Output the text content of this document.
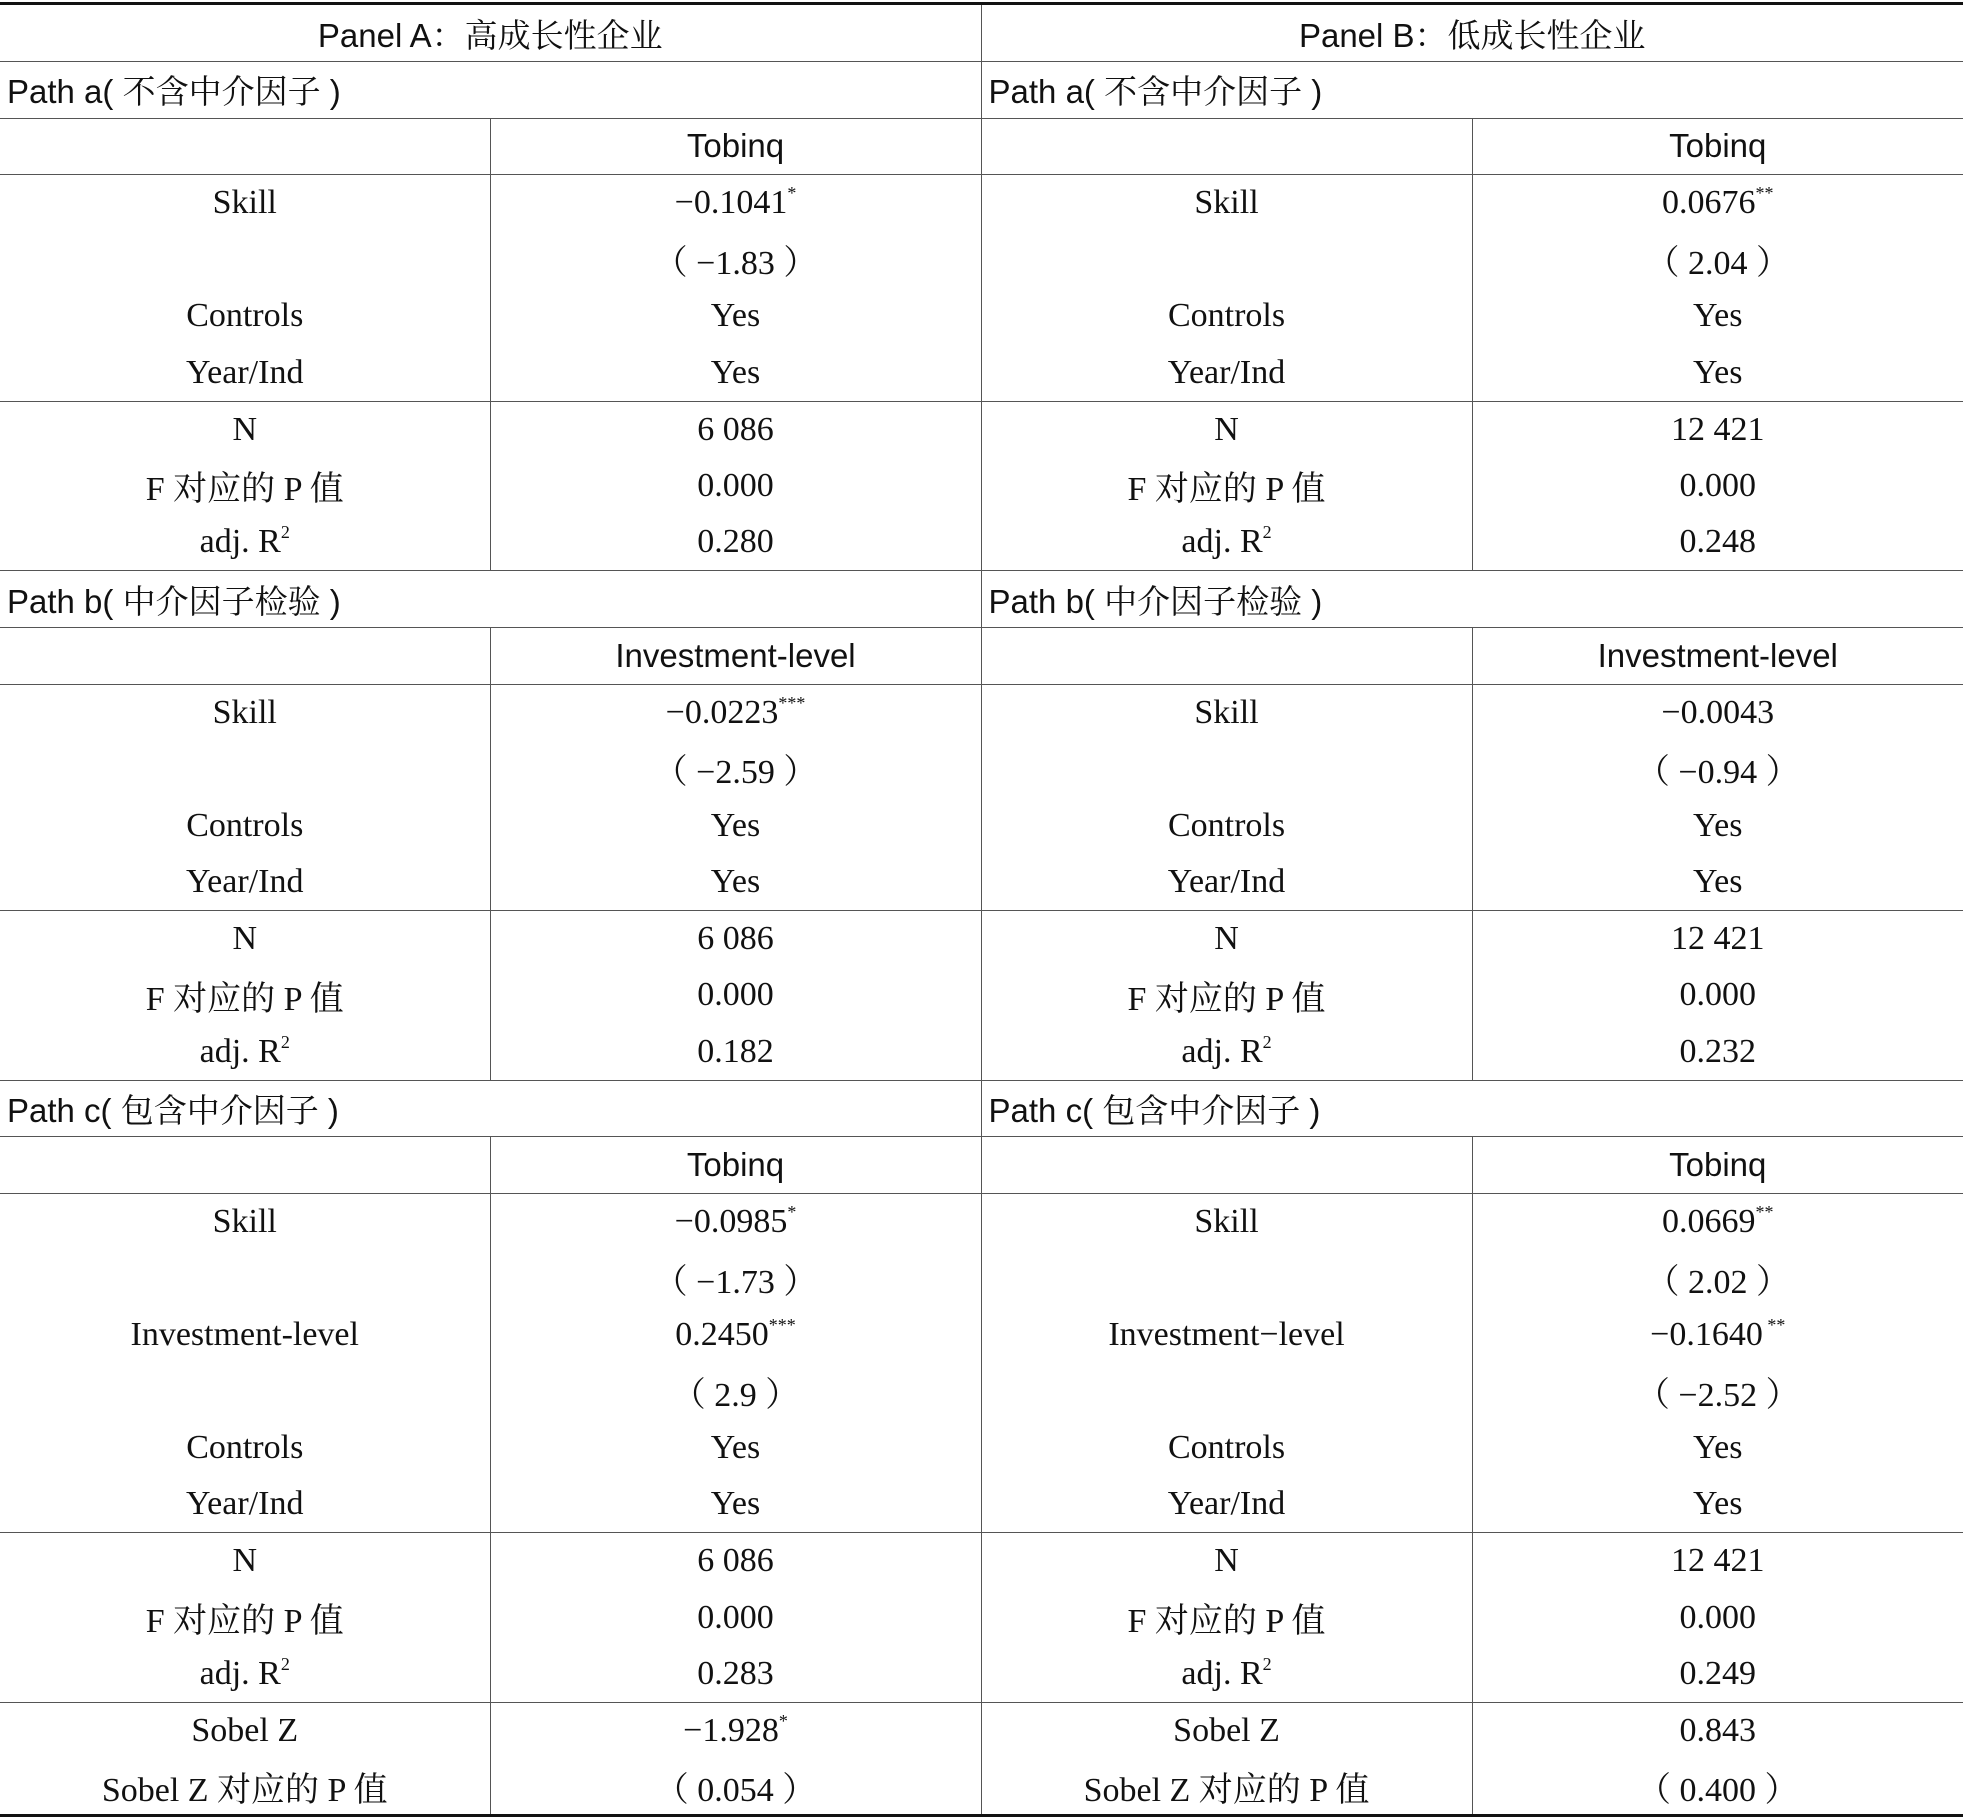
Panel A：高成长性企业		Panel B：低成长性企业	
Path a( 不含中介因子 )		Path a( 不含中介因子 )	
	Tobinq		Tobinq
Skill	−0.1041*	Skill	0.0676**
	（ −1.83 ）		（ 2.04 ）
Controls	Yes	Controls	Yes
Year/Ind	Yes	Year/Ind	Yes
N	6 086	N	12 421
F 对应的 P 值	0.000	F 对应的 P 值	0.000
adj. $R^2$	0.280	adj. $R^2$	0.248
Path b( 中介因子检验 )		Path b( 中介因子检验 )	
	Investment-level		Investment-level
Skill	−0.0223***	Skill	−0.0043
	（ −2.59 ）		（ −0.94 ）
Controls	Yes	Controls	Yes
Year/Ind	Yes	Year/Ind	Yes
N	6 086	N	12 421
F 对应的 P 值	0.000	F 对应的 P 值	0.000
adj. $R^2$	0.182	adj. $R^2$	0.232
Path c( 包含中介因子 )		Path c( 包含中介因子 )	
	Tobinq		Tobinq
Skill	−0.0985*	Skill	0.0669**
	（ −1.73 ）		（ 2.02 ）
Investment-level	0.2450***	Investment−level	−0.1640 **
	（ 2.9 ）		（ −2.52 ）
Controls	Yes	Controls	Yes
Year/Ind	Yes	Year/Ind	Yes
N	6 086	N	12 421
F 对应的 P 值	0.000	F 对应的 P 值	0.000
adj. $R^2$	0.283	adj. $R^2$	0.249
Sobel Z	−1.928*	Sobel Z	0.843
Sobel Z 对应的 P 值	（ 0.054 ）	Sobel Z 对应的 P 值	（ 0.400 ）
